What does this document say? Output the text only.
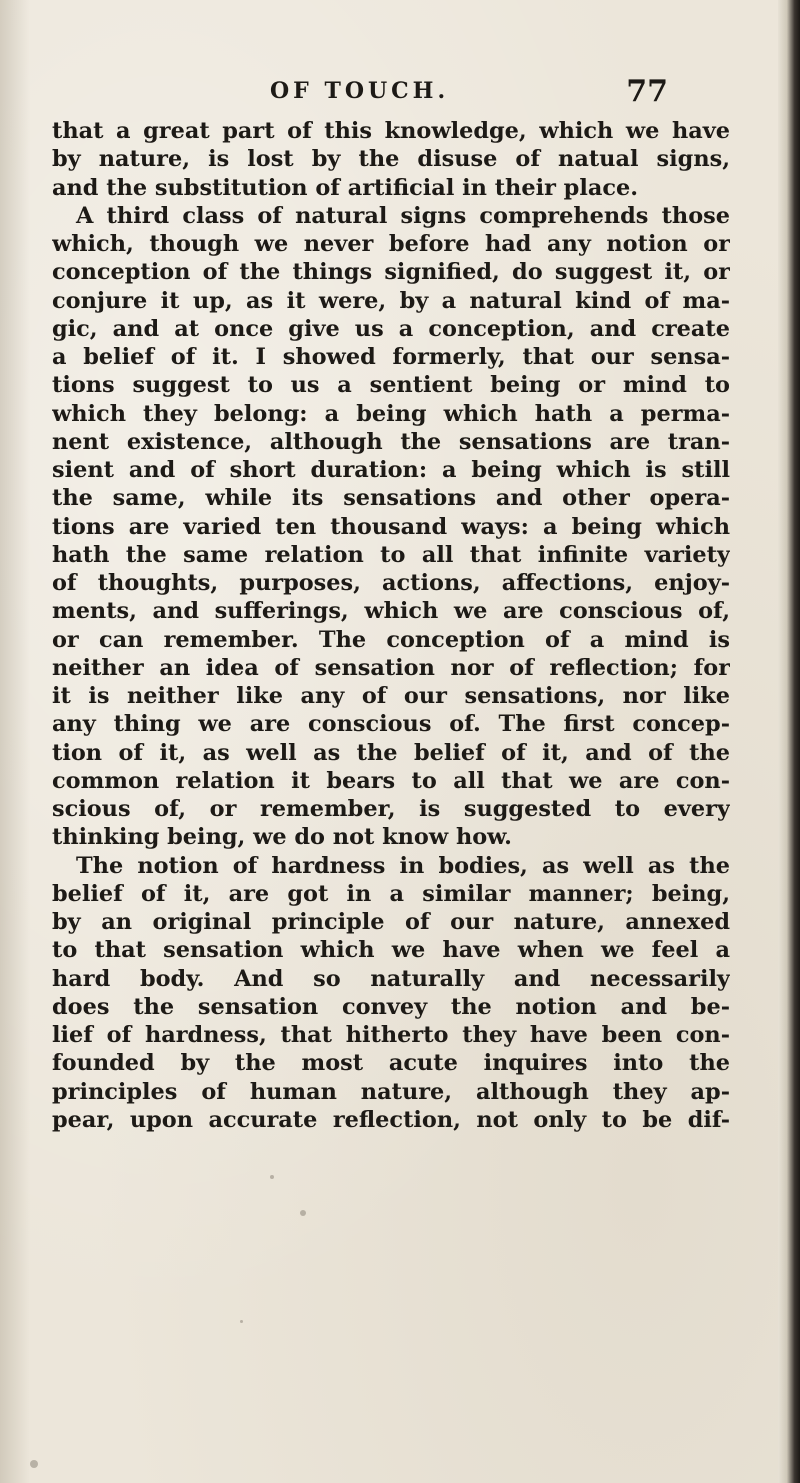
OF TOUCH.	77
that a great part of this knowledge, which we have
by nature, is lost by the disuse of natual signs,
and the substitution of artificial in their place.
A third class of natural signs comprehends those
which, though we never before had any notion or
conception of the things signified, do suggest it, or
conjure it up, as it were, by a natural kind of ma-
gic, and at once give us a conception, and create
a belief of it. I showed formerly, that our sensa-
tions suggest to us a sentient being or mind to
which they belong: a being which hath a perma-
nent existence, although the sensations are tran-
sient and of short duration: a being which is still
the same, while its sensations and other opera-
tions are varied ten thousand ways: a being which
hath the same relation to all that infinite variety
of thoughts, purposes, actions, affections, enjoy-
ments, and sufferings, which we are conscious of,
or can remember. The conception of a mind is
neither an idea of sensation nor of reflection; for
it is neither like any of our sensations, nor like
any thing we are conscious of. The first concep-
tion of it, as well as the belief of it, and of the
common relation it bears to all that we are con-
scious of, or remember, is suggested to every
thinking being, we do not know how.
The notion of hardness in bodies, as well as the
belief of it, are got in a similar manner; being,
by an original principle of our nature, annexed
to that sensation which we have when we feel a
hard body. And so naturally and necessarily
does the sensation convey the notion and be-
lief of hardness, that hitherto they have been con-
founded by the most acute inquires into the
principles of human nature, although they ap-
pear, upon accurate reflection, not only to be dif-
